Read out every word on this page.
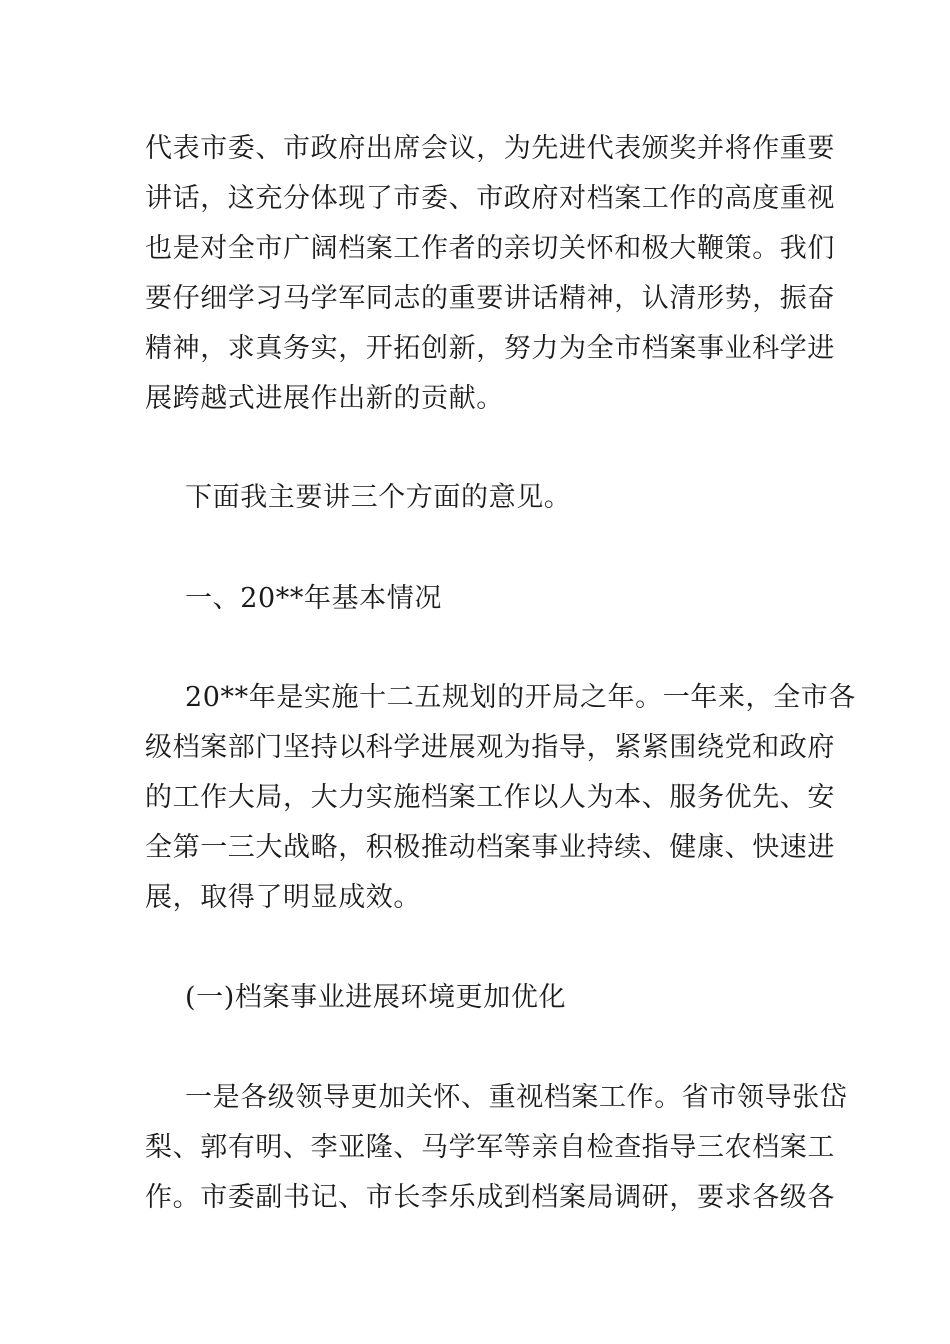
代表市委、市政府出席会议，为先进代表颁奖并将作重要
讲话，这充分体现了市委、市政府对档案工作的高度重视
也是对全市广阔档案工作者的亲切关怀和极大鞭策。我们
要仔细学习马学军同志的重要讲话精神，认清形势，振奋
精神，求真务实，开拓创新，努力为全市档案事业科学进
展跨越式进展作出新的贡献。
下面我主要讲三个方面的意见。
一、20**年基本情况
20**年是实施十二五规划的开局之年。一年来，全市各
级档案部门坚持以科学进展观为指导，紧紧围绕党和政府
的工作大局，大力实施档案工作以人为本、服务优先、安
全第一三大战略，积极推动档案事业持续、健康、快速进
展，取得了明显成效。
(一)档案事业进展环境更加优化
一是各级领导更加关怀、重视档案工作。省市领导张岱
梨、郭有明、李亚隆、马学军等亲自检查指导三农档案工
作。市委副书记、市长李乐成到档案局调研，要求各级各
